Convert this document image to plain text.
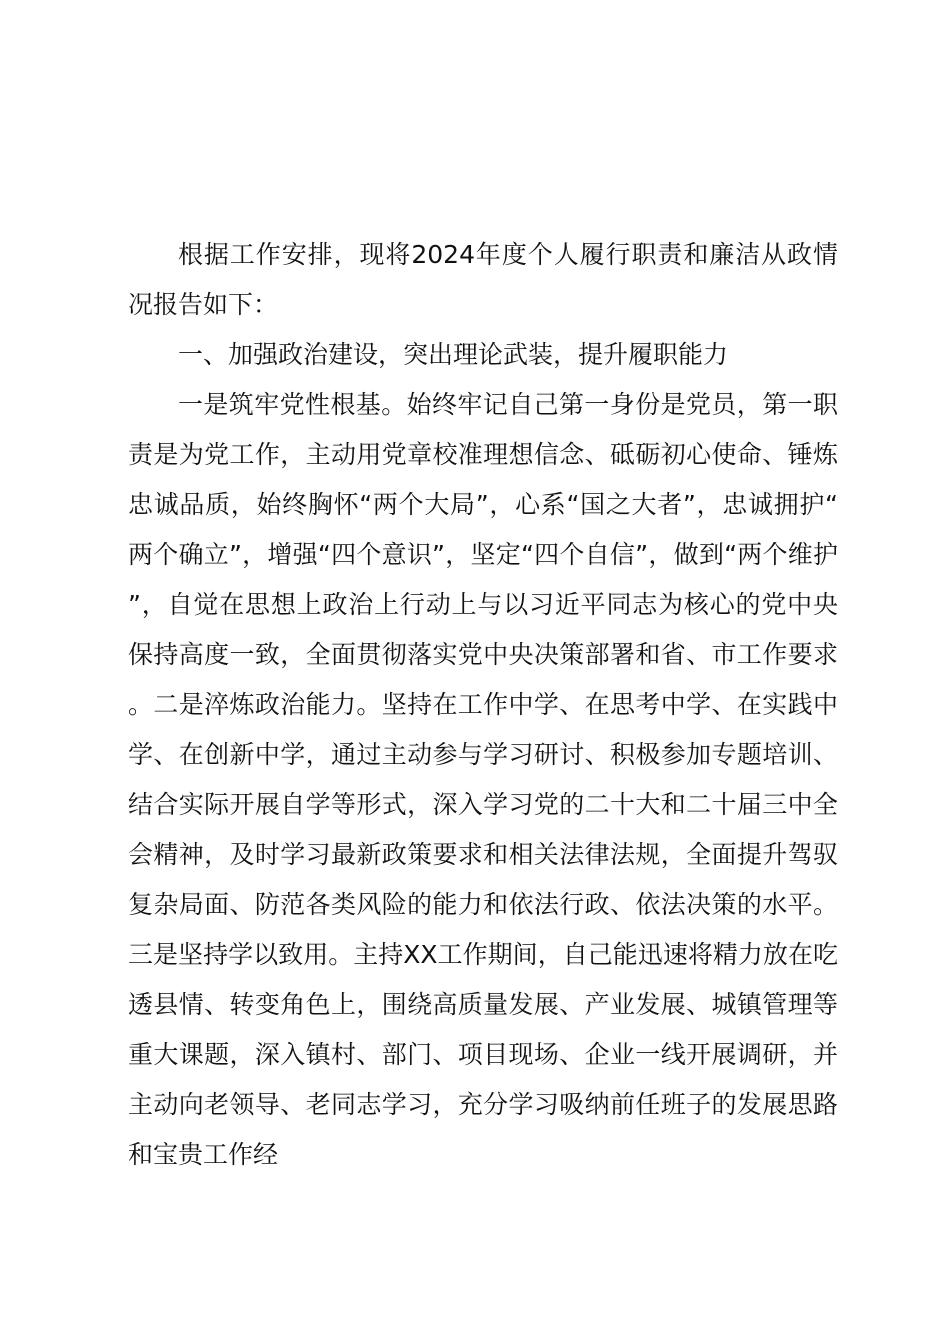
根据工作安排，现将2024年度个人履行职责和廉洁从政情况报告如下：

一、加强政治建设，突出理论武装，提升履职能力

一是筑牢党性根基。始终牢记自己第一身份是党员，第一职责是为党工作，主动用党章校准理想信念、砥砺初心使命、锤炼忠诚品质，始终胸怀“两个大局”，心系“国之大者”，忠诚拥护“两个确立”，增强“四个意识”，坚定“四个自信”，做到“两个维护”，自觉在思想上政治上行动上与以习近平同志为核心的党中央保持高度一致，全面贯彻落实党中央决策部署和省、市工作要求。二是淬炼政治能力。坚持在工作中学、在思考中学、在实践中学、在创新中学，通过主动参与学习研讨、积极参加专题培训、结合实际开展自学等形式，深入学习党的二十大和二十届三中全会精神，及时学习最新政策要求和相关法律法规，全面提升驾驭复杂局面、防范各类风险的能力和依法行政、依法决策的水平。三是坚持学以致用。主持XX工作期间，自己能迅速将精力放在吃透县情、转变角色上，围绕高质量发展、产业发展、城镇管理等重大课题，深入镇村、部门、项目现场、企业一线开展调研，并主动向老领导、老同志学习，充分学习吸纳前任班子的发展思路和宝贵工作经
